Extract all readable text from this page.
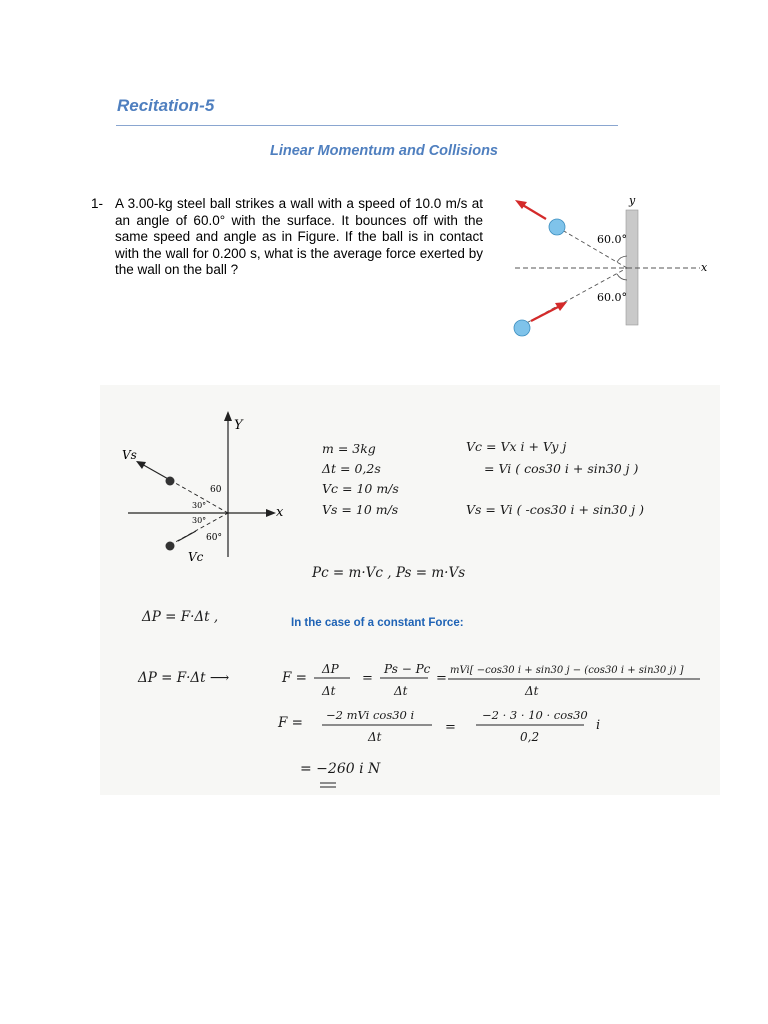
Recitation-5
Linear Momentum and Collisions
1- A 3.00-kg steel ball strikes a wall with a speed of 10.0 m/s at an angle of 60.0° with the surface. It bounces off with the same speed and angle as in Figure. If the ball is in contact with the wall for 0.200 s, what is the average force exerted by the wall on the ball ?
y
x
60.0°
60.0°
Y
x
Vs
Vc
60
30°
30°
60°
m = 3kg
Δt = 0,2s
Vc = 10 m/s
Vs = 10 m/s
Vc = Vx i + Vy j
= Vi ( cos30 i + sin30 j )
Vs = Vi ( -cos30 i + sin30 j )
Pc = m·Vc , Ps = m·Vs
ΔP = F·Δt ,
ΔP = F·Δt ⟶	F =
ΔP
Δt
=
Ps − Pc
Δt
=
mVi[ −cos30 i + sin30 j − (cos30 i + sin30 j) ]
Δt
F = −2 mVi cos30 i
Δt
=
−2 · 3 · 10 · cos30
0,2
i
= −260 i N
In the case of a constant Force:
